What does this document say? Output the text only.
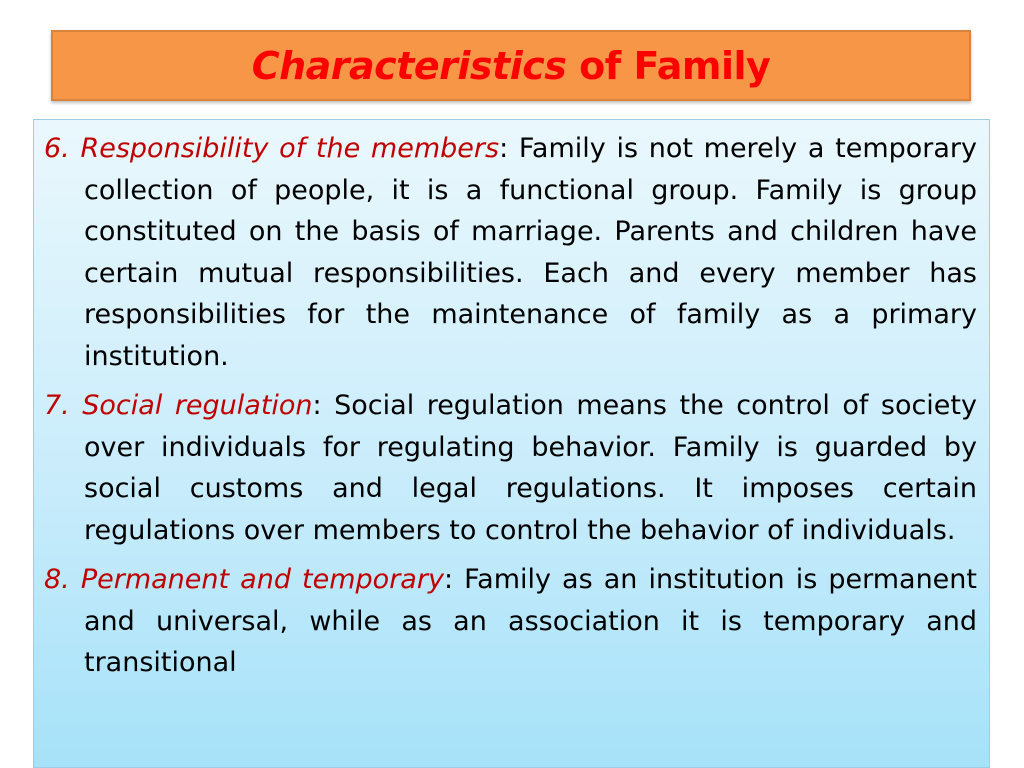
Characteristics of Family

6. Responsibility of the members: Family is not merely a temporary collection of people, it is a functional group. Family is group constituted on the basis of marriage. Parents and children have certain mutual responsibilities. Each and every member has responsibilities for the maintenance of family as a primary institution.

7. Social regulation: Social regulation means the control of society over individuals for regulating behavior. Family is guarded by social customs and legal regulations. It imposes certain regulations over members to control the behavior of individuals.

8. Permanent and temporary: Family as an institution is permanent and universal, while as an association it is temporary and transitional
